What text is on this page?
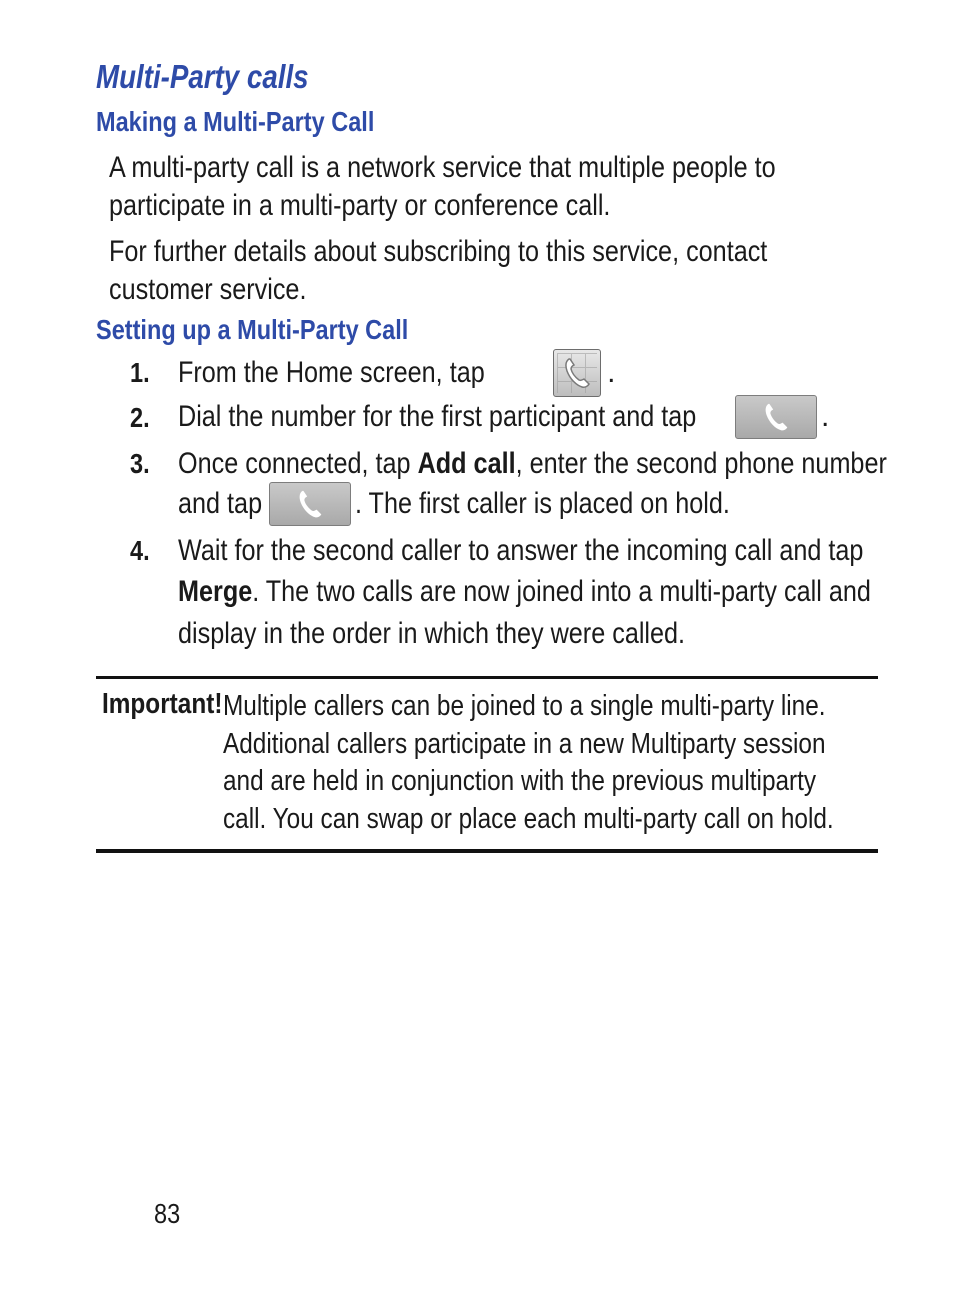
Multi-Party calls
Making a Multi-Party Call
A multi-party call is a network service that multiple people to
participate in a multi-party or conference call.
For further details about subscribing to this service, contact
customer service.
Setting up a Multi-Party Call
1. From the Home screen, tap	.
2. Dial the number for the first participant and tap	.
3. Once connected, tap Add call, enter the second phone number
and tap	. The first caller is placed on hold.
4. Wait for the second caller to answer the incoming call and tap
Merge. The two calls are now joined into a multi-party call and
display in the order in which they were called.
Important! Multiple callers can be joined to a single multi-party line.
Additional callers participate in a new Multiparty session
and are held in conjunction with the previous multiparty
call. You can swap or place each multi-party call on hold.
83
